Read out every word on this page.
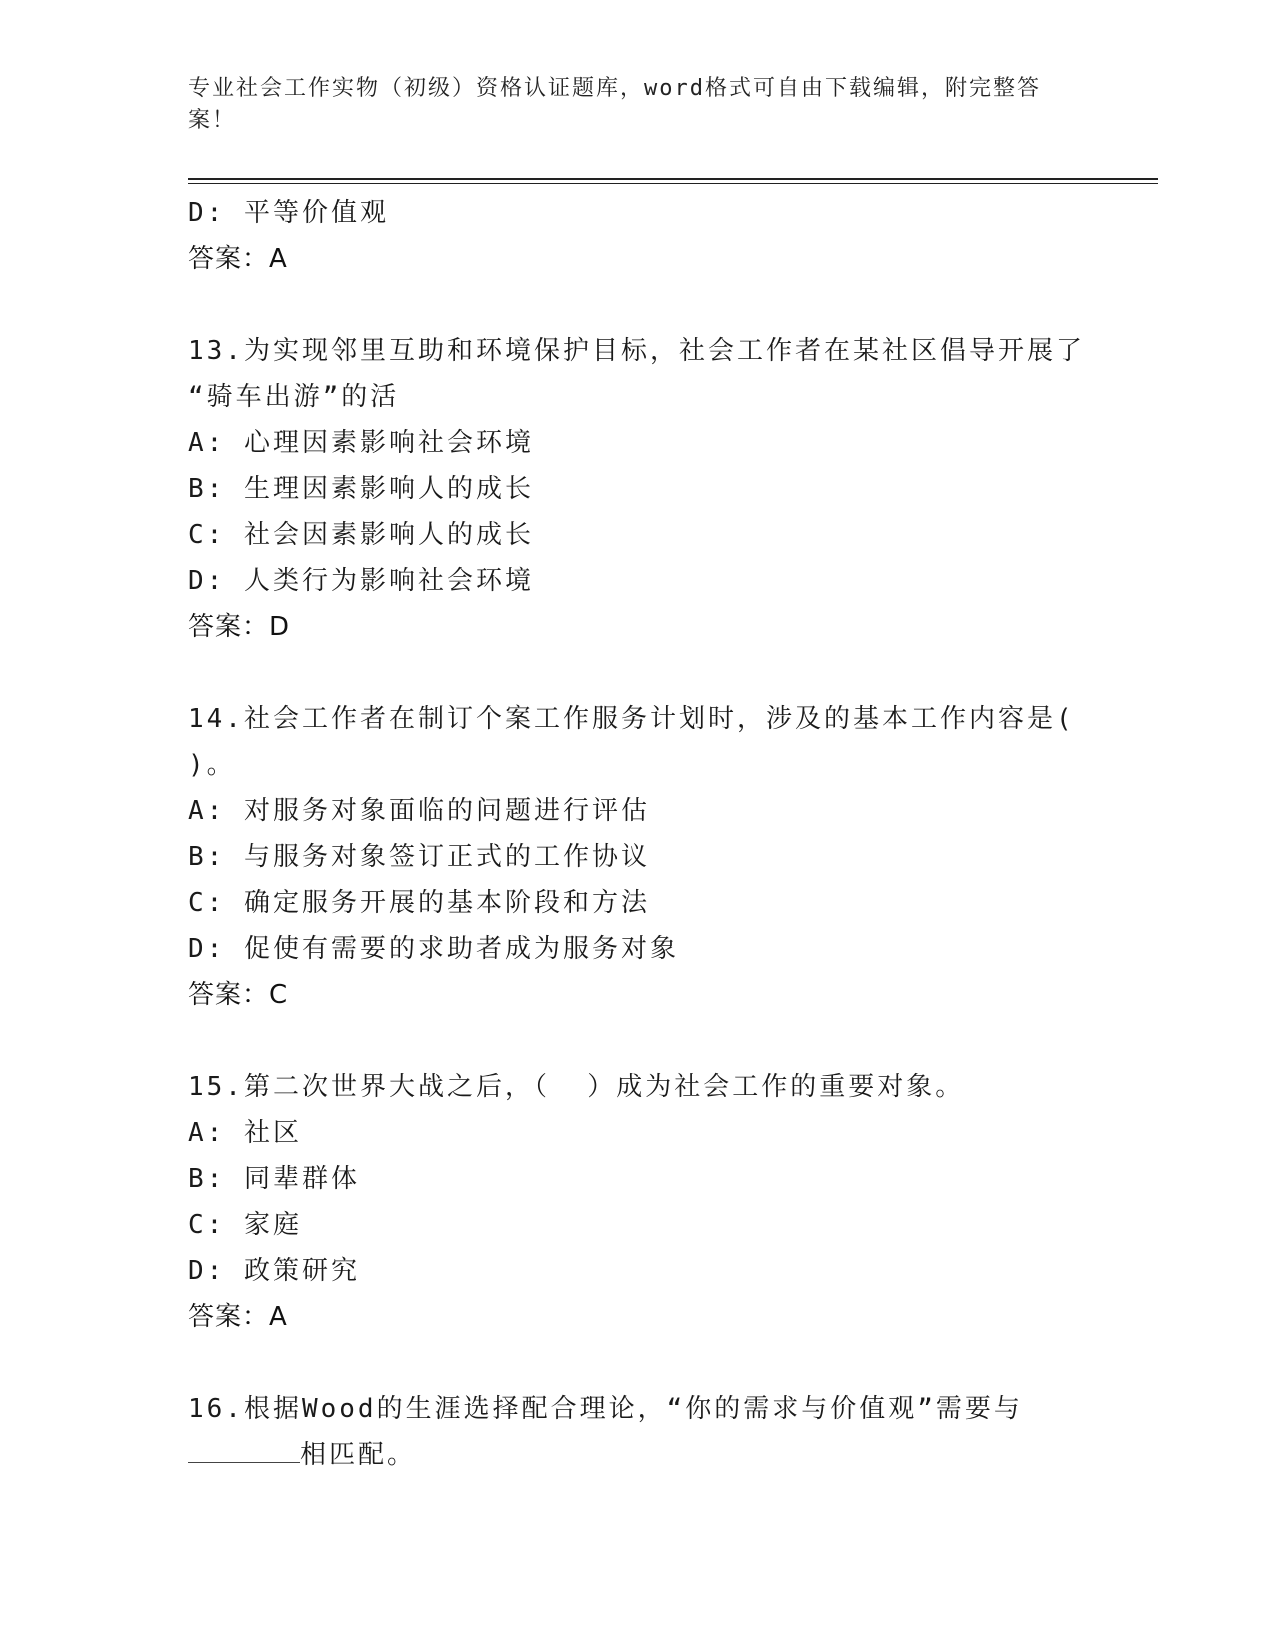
专业社会工作实物（初级）资格认证题库，word格式可自由下载编辑，附完整答
案！

D: 平等价值观

答案：A

13.为实现邻里互助和环境保护目标，社会工作者在某社区倡导开展了

“骑车出游”的活

A: 心理因素影响社会环境

B: 生理因素影响人的成长

C: 社会因素影响人的成长

D: 人类行为影响社会环境

答案：D

14.社会工作者在制订个案工作服务计划时，涉及的基本工作内容是(

)。

A: 对服务对象面临的问题进行评估

B: 与服务对象签订正式的工作协议

C: 确定服务开展的基本阶段和方法

D: 促使有需要的求助者成为服务对象

答案：C

15.第二次世界大战之后，（  ）成为社会工作的重要对象。

A: 社区

B: 同辈群体

C: 家庭

D: 政策研究

答案：A

16.根据Wood的生涯选择配合理论，“你的需求与价值观”需要与

相匹配。
